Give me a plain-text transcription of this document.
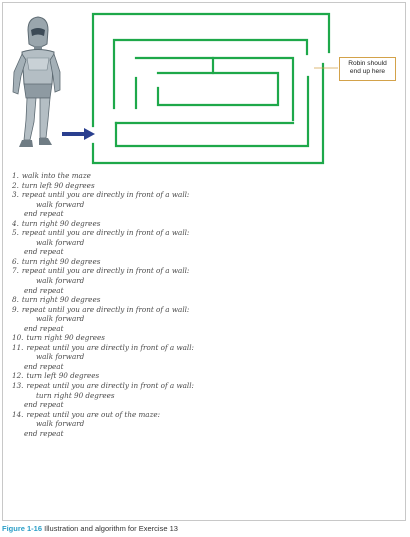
Robin should
end up here
1. walk into the maze
2. turn left 90 degrees
3. repeat until you are directly in front of a wall:
walk forward
end repeat
4. turn right 90 degrees
5. repeat until you are directly in front of a wall:
walk forward
end repeat
6. turn right 90 degrees
7. repeat until you are directly in front of a wall:
walk forward
end repeat
8. turn right 90 degrees
9. repeat until you are directly in front of a wall:
walk forward
end repeat
10. turn right 90 degrees
11. repeat until you are directly in front of a wall:
walk forward
end repeat
12. turn left 90 degrees
13. repeat until you are directly in front of a wall:
turn right 90 degrees
end repeat
14. repeat until you are out of the maze:
walk forward
end repeat
Figure 1-16 Illustration and algorithm for Exercise 13
